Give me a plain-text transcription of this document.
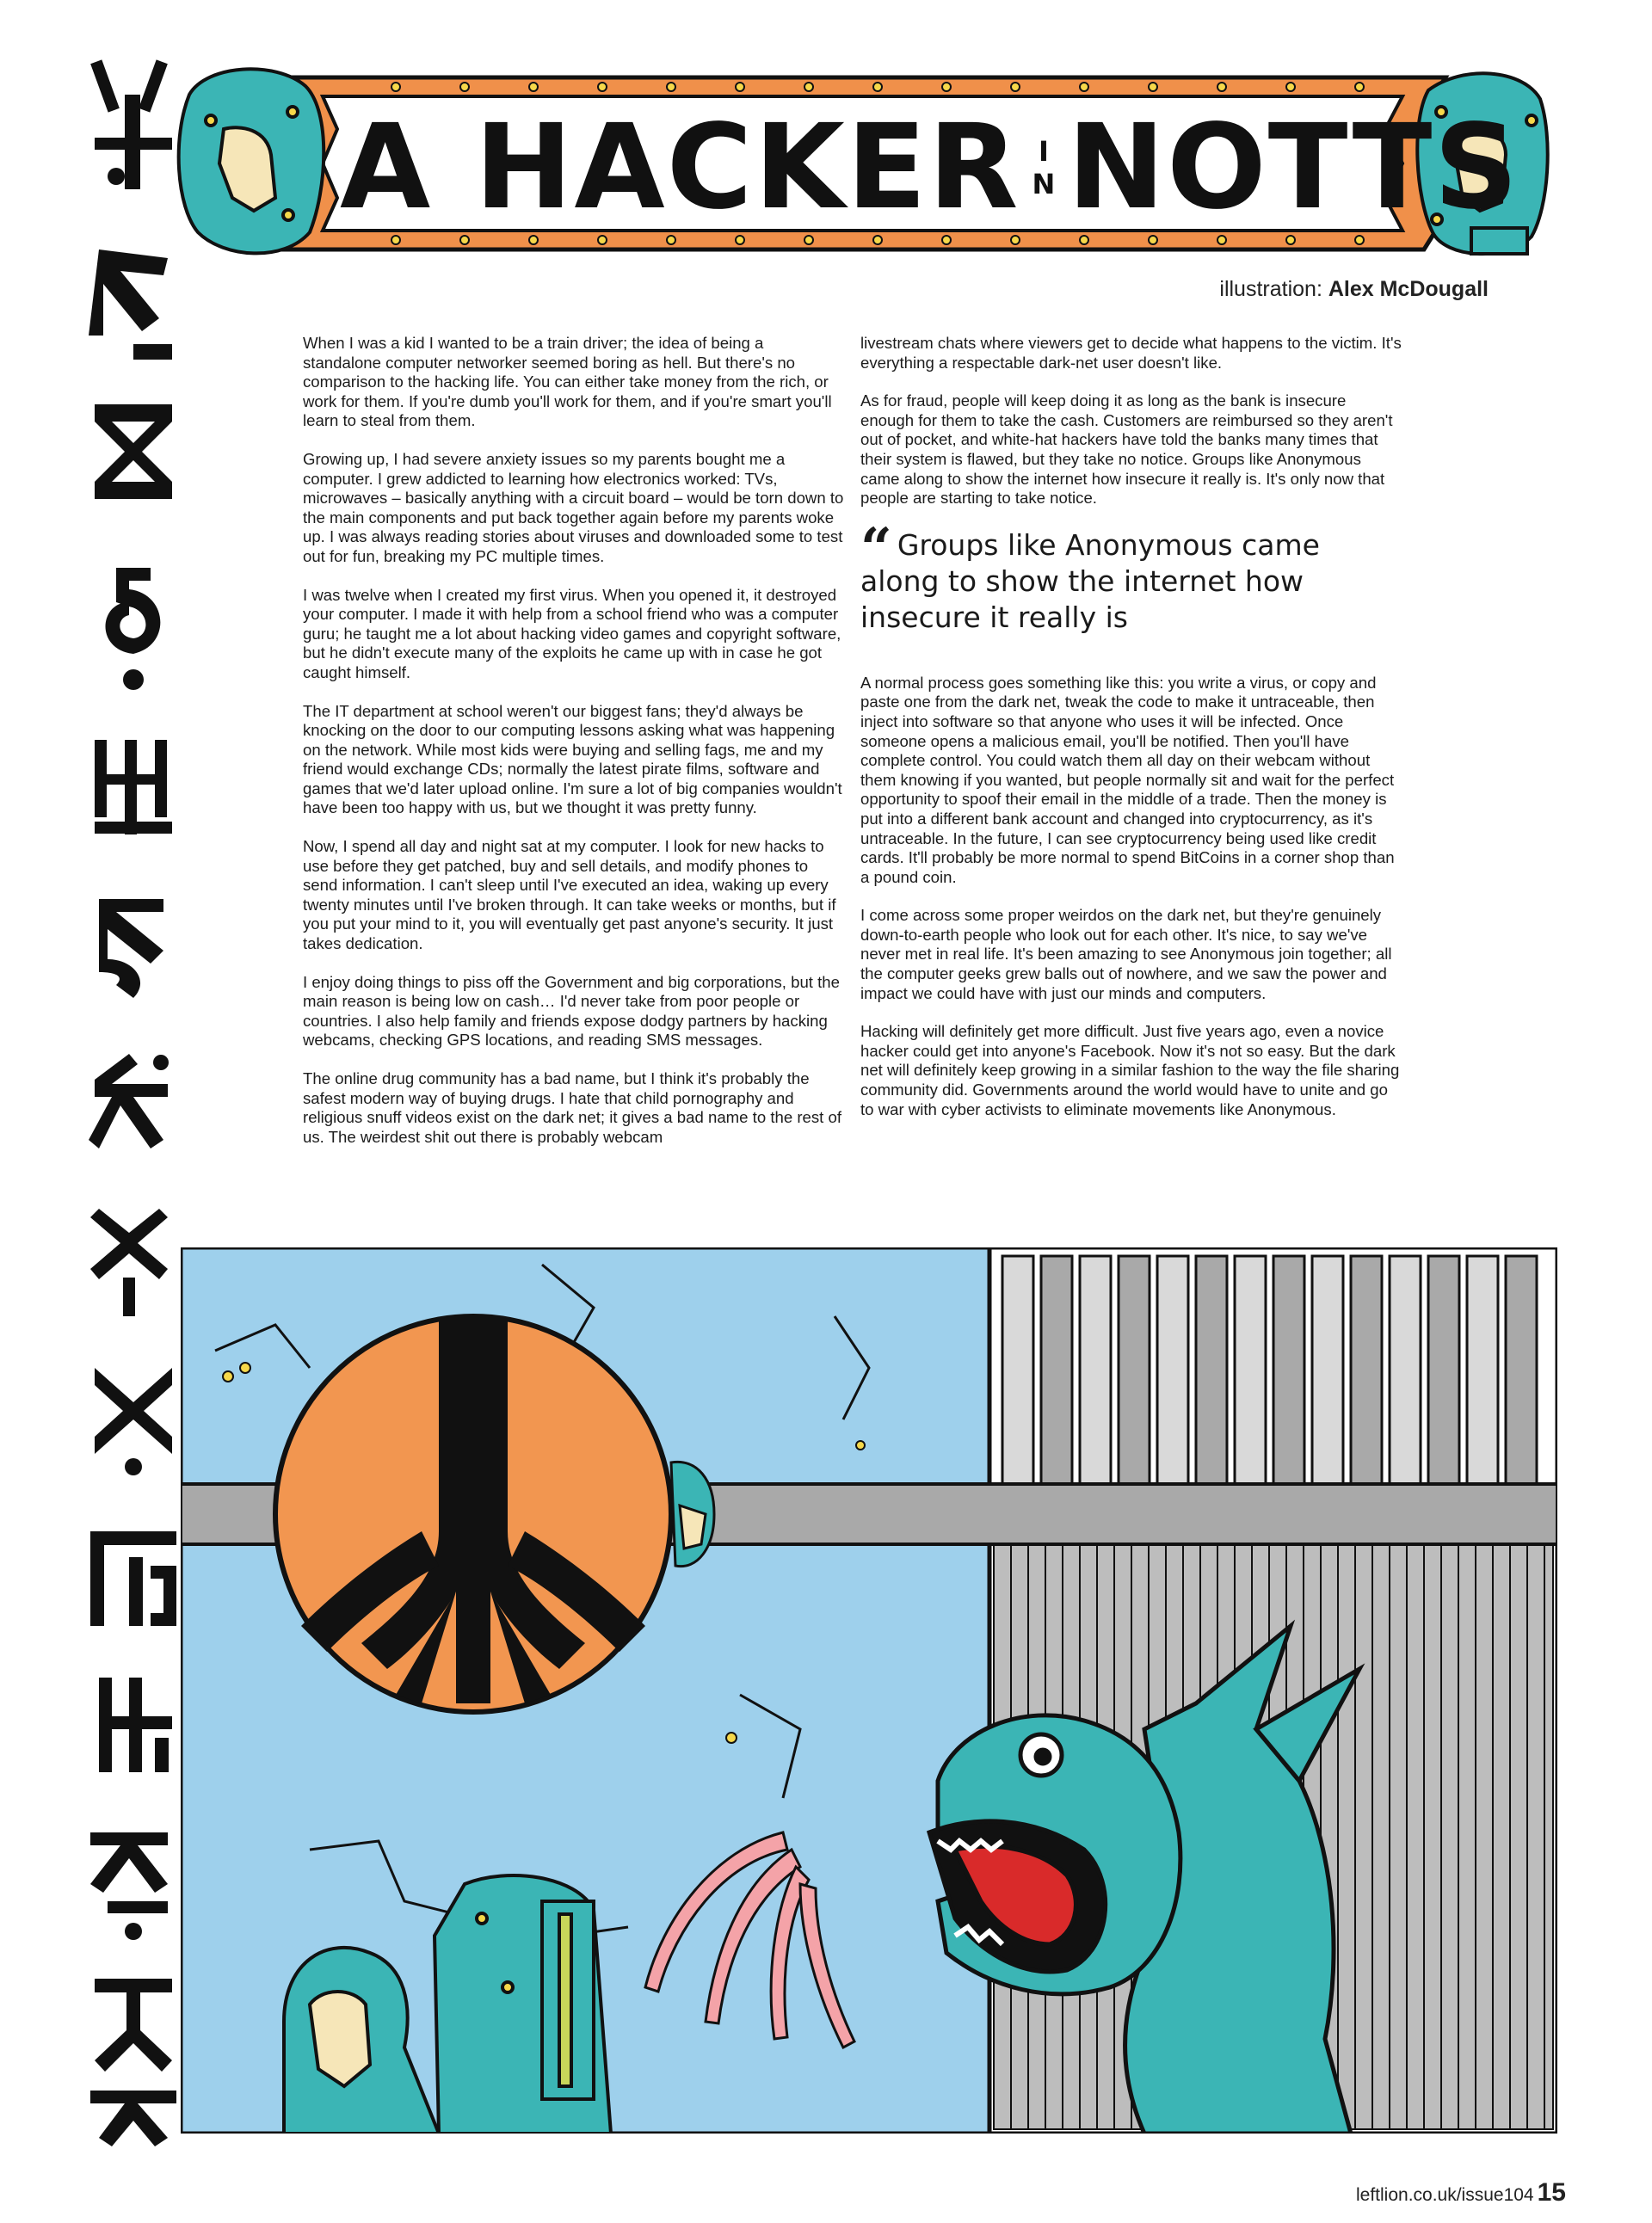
A HACKER I
N NOTTS
illustration: Alex McDougall

When I was a kid I wanted to be a train driver; the idea of being a standalone computer networker seemed boring as hell. But there's no comparison to the hacking life. You can either take money from the rich, or work for them. If you're dumb you'll work for them, and if you're smart you'll learn to steal from them.

Growing up, I had severe anxiety issues so my parents bought me a computer. I grew addicted to learning how electronics worked: TVs, microwaves – basically anything with a circuit board – would be torn down to the main components and put back together again before my parents woke up. I was always reading stories about viruses and downloaded some to test out for fun, breaking my PC multiple times.

I was twelve when I created my first virus. When you opened it, it destroyed your computer. I made it with help from a school friend who was a computer guru; he taught me a lot about hacking video games and copyright software, but he didn't execute many of the exploits he came up with in case he got caught himself.

The IT department at school weren't our biggest fans; they'd always be knocking on the door to our computing lessons asking what was happening on the network. While most kids were buying and selling fags, me and my friend would exchange CDs; normally the latest pirate films, software and games that we'd later upload online. I'm sure a lot of big companies wouldn't have been too happy with us, but we thought it was pretty funny.

Now, I spend all day and night sat at my computer. I look for new hacks to use before they get patched, buy and sell details, and modify phones to send information. I can't sleep until I've executed an idea, waking up every twenty minutes until I've broken through. It can take weeks or months, but if you put your mind to it, you will eventually get past anyone's security. It just takes dedication.

I enjoy doing things to piss off the Government and big corporations, but the main reason is being low on cash… I'd never take from poor people or countries. I also help family and friends expose dodgy partners by hacking webcams, checking GPS locations, and reading SMS messages.

The online drug community has a bad name, but I think it's probably the safest modern way of buying drugs. I hate that child pornography and religious snuff videos exist on the dark net; it gives a bad name to the rest of us. The weirdest shit out there is probably webcam

livestream chats where viewers get to decide what happens to the victim. It's everything a respectable dark-net user doesn't like.

As for fraud, people will keep doing it as long as the bank is insecure enough for them to take the cash. Customers are reimbursed so they aren't out of pocket, and white-hat hackers have told the banks many times that their system is flawed, but they take no notice. Groups like Anonymous came along to show the internet how insecure it really is. It's only now that people are starting to take notice.

“ Groups like Anonymous came along to show the internet how insecure it really is

A normal process goes something like this: you write a virus, or copy and paste one from the dark net, tweak the code to make it untraceable, then inject into software so that anyone who uses it will be infected. Once someone opens a malicious email, you'll be notified. Then you'll have complete control. You could watch them all day on their webcam without them knowing if you wanted, but people normally sit and wait for the perfect opportunity to spoof their email in the middle of a trade. Then the money is put into a different bank account and changed into cryptocurrency, as it's untraceable. In the future, I can see cryptocurrency being used like credit cards. It'll probably be more normal to spend BitCoins in a corner shop than a pound coin.

I come across some proper weirdos on the dark net, but they're genuinely down-to-earth people who look out for each other. It's nice, to say we've never met in real life. It's been amazing to see Anonymous join together; all the computer geeks grew balls out of nowhere, and we saw the power and impact we could have with just our minds and computers.

Hacking will definitely get more difficult. Just five years ago, even a novice hacker could get into anyone's Facebook. Now it's not so easy. But the dark net will definitely keep growing in a similar fashion to the way the file sharing community did. Governments around the world would have to unite and go to war with cyber activists to eliminate movements like Anonymous.

leftlion.co.uk/issue104 15
